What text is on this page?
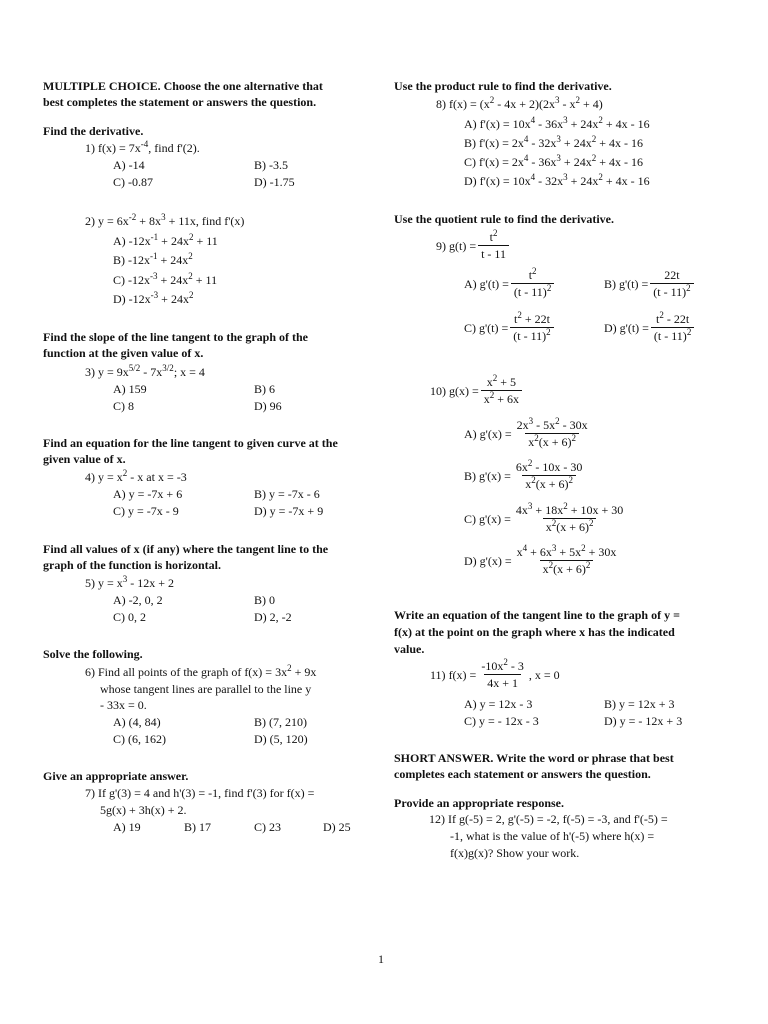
MULTIPLE CHOICE. Choose the one alternative that
best completes the statement or answers the question.
Find the derivative.
1) $f(x) = 7x^{-4}$, find f'(2).
A) -14	B) -3.5
C) -0.87	D) -1.75
2) $y = 6x^{-2} + 8x^3 + 11x$, find f'(x)
A) $-12x^{-1} + 24x^2 + 11$
B) $-12x^{-1} + 24x^2$
C) $-12x^{-3} + 24x^2 + 11$
D) $-12x^{-3} + 24x^2$
Find the slope of the line tangent to the graph of the
function at the given value of x.
3) $y = 9x^{5/2} - 7x^{3/2}$; x = 4
A) 159	B) 6
C) 8	D) 96
Find an equation for the line tangent to given curve at the
given value of x.
4) $y = x^2 - x$ at x = -3
A) y = -7x + 6	B) y = -7x - 6
C) y = -7x - 9	D) y = -7x + 9
Find all values of x (if any) where the tangent line to the
graph of the function is horizontal.
5) $y = x^3 - 12x + 2$
A) -2, 0, 2	B) 0
C) 0, 2	D) 2, -2
Solve the following.
6) Find all points of the graph of $f(x) = 3x^2 + 9x$
whose tangent lines are parallel to the line y
- 33x = 0.
A) (4, 84)	B) (7, 210)
C) (6, 162)	D) (5, 120)
Give an appropriate answer.
7) If g'(3) = 4 and h'(3) = -1, find f'(3) for f(x) =
5g(x) + 3h(x) + 2.
A) 19	B) 17	C) 23	D) 25
Use the product rule to find the derivative.
8) $f(x) = (x^2 - 4x + 2)(2x^3 - x^2 + 4)$
A) $f'(x) = 10x^4 - 36x^3 + 24x^2 + 4x - 16$
B) $f'(x) = 2x^4 - 32x^3 + 24x^2 + 4x - 16$
C) $f'(x) = 2x^4 - 36x^3 + 24x^2 + 4x - 16$
D) $f'(x) = 10x^4 - 32x^3 + 24x^2 + 4x - 16$
Use the quotient rule to find the derivative.
9)
$g(t) = \frac{t^2}{t - 11}$
A) $g'(t) = \frac{t^2}{(t - 11)^2}$	B) $g'(t) = \frac{22t}{(t - 11)^2}$
C) $g'(t) = \frac{t^2 + 22t}{(t - 11)^2}$	D) $g'(t) = \frac{t^2 - 22t}{(t - 11)^2}$
10)
$g(x) = \frac{x^2 + 5}{x^2 + 6x}$
A) $g'(x) = \frac{2x^3 - 5x^2 - 30x}{x^2(x + 6)^2}$
B) $g'(x) = \frac{6x^2 - 10x - 30}{x^2(x + 6)^2}$
C) $g'(x) = \frac{4x^3 + 18x^2 + 10x + 30}{x^2(x + 6)^2}$
D) $g'(x) = \frac{x^4 + 6x^3 + 5x^2 + 30x}{x^2(x + 6)^2}$
Write an equation of the tangent line to the graph of y =
f(x) at the point on the graph where x has the indicated
value.
11)
$f(x) = \frac{-10x^2 - 3}{4x + 1}$ , x = 0
A) y = 12x - 3	B) y = 12x + 3
C) y = - 12x - 3	D) y = - 12x + 3
SHORT ANSWER. Write the word or phrase that best
completes each statement or answers the question.
Provide an appropriate response.
12) If g(-5) = 2, g'(-5) = -2, f(-5) = -3, and f'(-5) =
-1, what is the value of h'(-5) where h(x) =
f(x)g(x)? Show your work.
1
